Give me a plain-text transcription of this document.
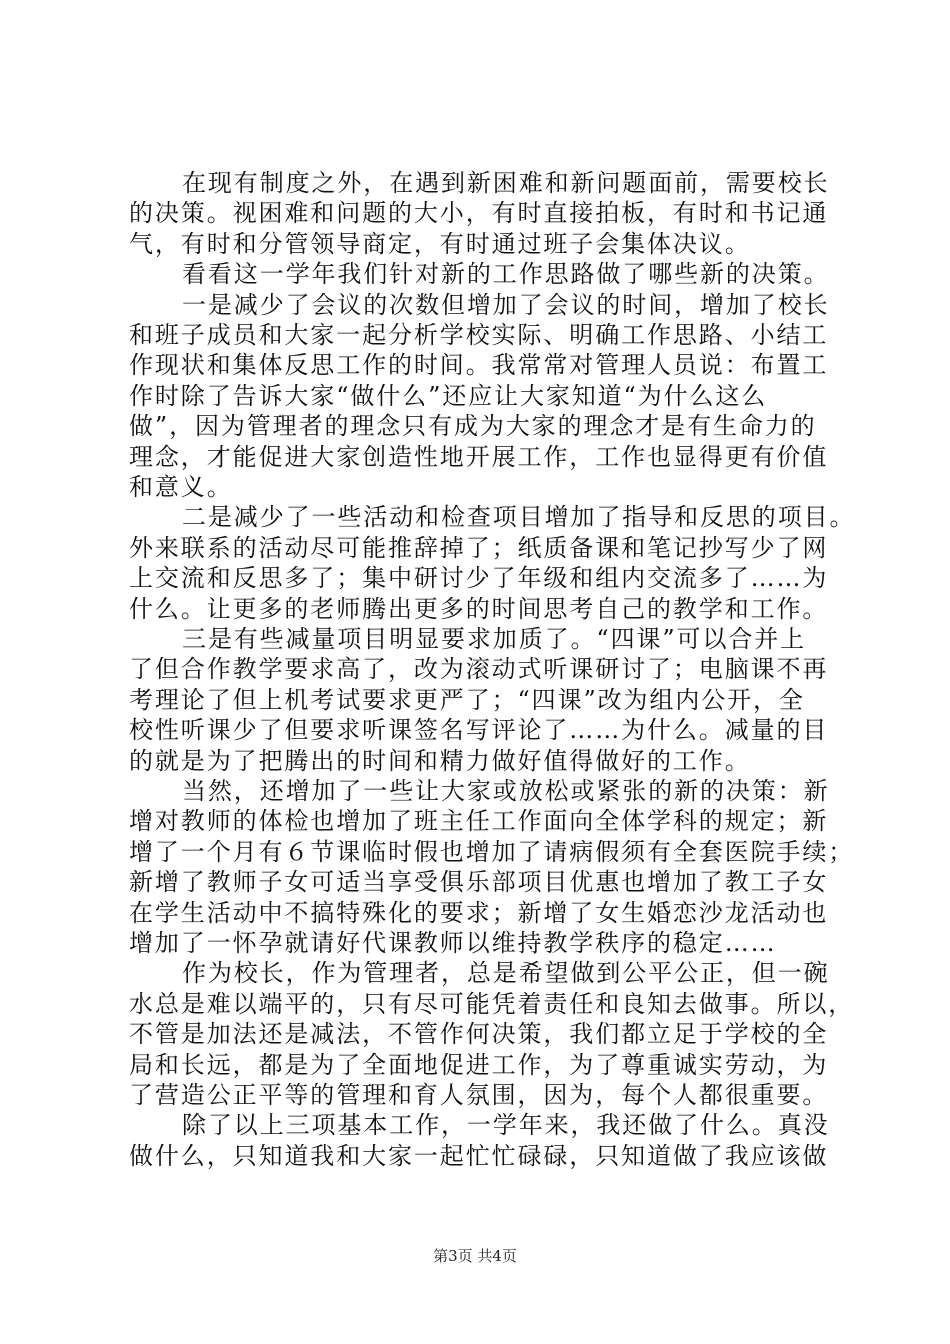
在现有制度之外，在遇到新困难和新问题面前，需要校长
的决策。视困难和问题的大小，有时直接拍板，有时和书记通
气，有时和分管领导商定，有时通过班子会集体决议。
看看这一学年我们针对新的工作思路做了哪些新的决策。
一是减少了会议的次数但增加了会议的时间，增加了校长
和班子成员和大家一起分析学校实际、明确工作思路、小结工
作现状和集体反思工作的时间。我常常对管理人员说：布置工
作时除了告诉大家“做什么”还应让大家知道“为什么这么
做”，因为管理者的理念只有成为大家的理念才是有生命力的
理念，才能促进大家创造性地开展工作，工作也显得更有价值
和意义。
二是减少了一些活动和检查项目增加了指导和反思的项目。
外来联系的活动尽可能推辞掉了；纸质备课和笔记抄写少了网
上交流和反思多了；集中研讨少了年级和组内交流多了……为
什么。让更多的老师腾出更多的时间思考自己的教学和工作。
三是有些减量项目明显要求加质了。“四课”可以合并上
了但合作教学要求高了，改为滚动式听课研讨了；电脑课不再
考理论了但上机考试要求更严了；“四课”改为组内公开，全
校性听课少了但要求听课签名写评论了……为什么。减量的目
的就是为了把腾出的时间和精力做好值得做好的工作。
当然，还增加了一些让大家或放松或紧张的新的决策：新
增对教师的体检也增加了班主任工作面向全体学科的规定；新
增了一个月有６节课临时假也增加了请病假须有全套医院手续；
新增了教师子女可适当享受俱乐部项目优惠也增加了教工子女
在学生活动中不搞特殊化的要求；新增了女生婚恋沙龙活动也
增加了一怀孕就请好代课教师以维持教学秩序的稳定……
作为校长，作为管理者，总是希望做到公平公正，但一碗
水总是难以端平的，只有尽可能凭着责任和良知去做事。所以，
不管是加法还是减法，不管作何决策，我们都立足于学校的全
局和长远，都是为了全面地促进工作，为了尊重诚实劳动，为
了营造公正平等的管理和育人氛围，因为，每个人都很重要。
除了以上三项基本工作，一学年来，我还做了什么。真没
做什么，只知道我和大家一起忙忙碌碌，只知道做了我应该做
第3页 共4页
